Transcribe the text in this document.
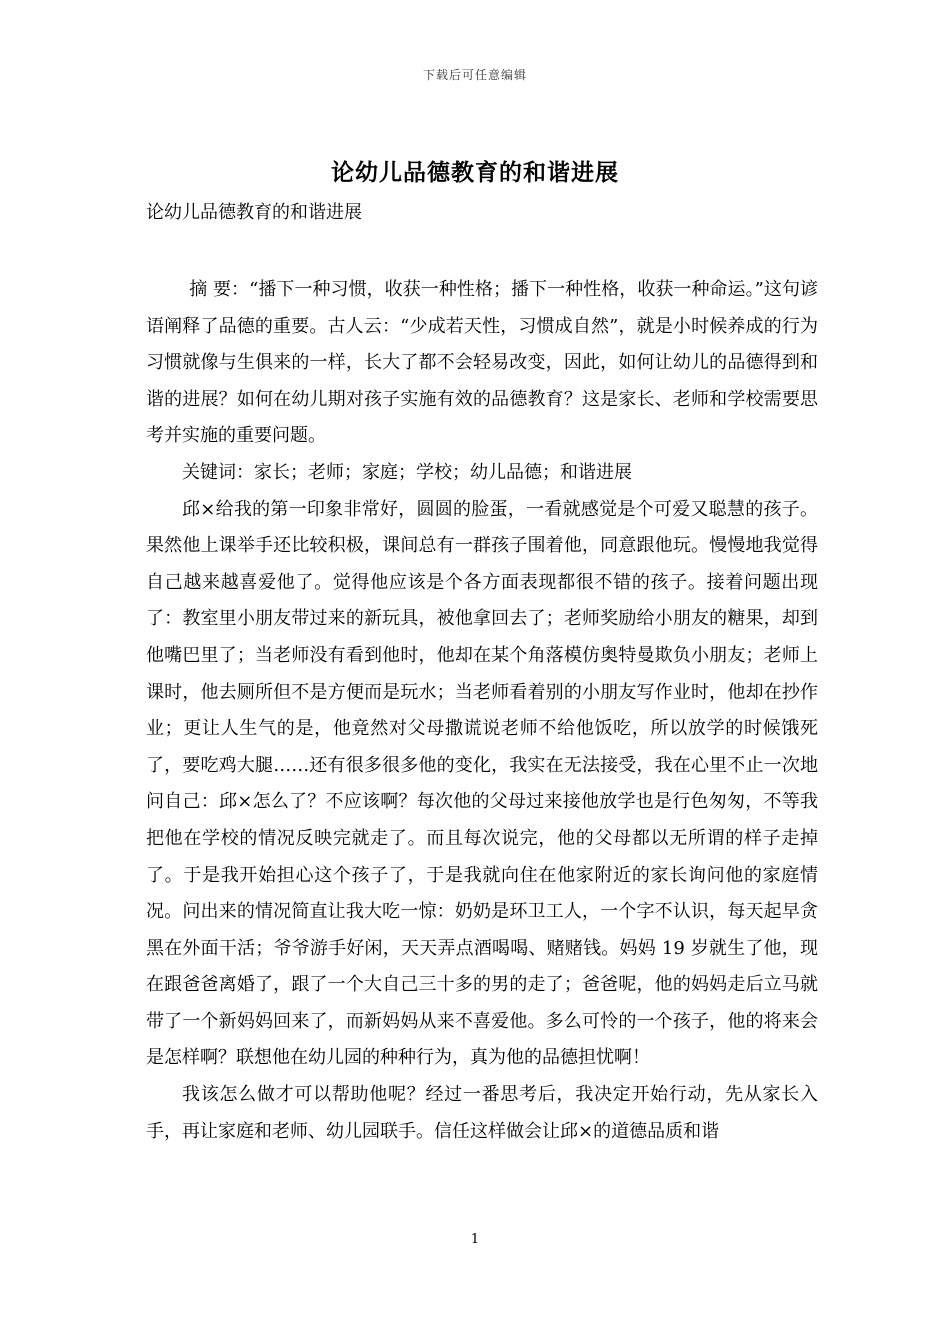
下载后可任意编辑
论幼儿品德教育的和谐进展
论幼儿品德教育的和谐进展

摘 要：“播下一种习惯，收获一种性格；播下一种性格，收获一种命运。”这句谚语阐释了品德的重要。古人云：“少成若天性，习惯成自然”，就是小时候养成的行为习惯就像与生俱来的一样，长大了都不会轻易改变，因此，如何让幼儿的品德得到和谐的进展？如何在幼儿期对孩子实施有效的品德教育？这是家长、老师和学校需要思考并实施的重要问题。

关键词：家长；老师；家庭；学校；幼儿品德；和谐进展

邱×给我的第一印象非常好，圆圆的脸蛋，一看就感觉是个可爱又聪慧的孩子。果然他上课举手还比较积极，课间总有一群孩子围着他，同意跟他玩。慢慢地我觉得自己越来越喜爱他了。觉得他应该是个各方面表现都很不错的孩子。接着问题出现了：教室里小朋友带过来的新玩具，被他拿回去了；老师奖励给小朋友的糖果，却到他嘴巴里了；当老师没有看到他时，他却在某个角落模仿奥特曼欺负小朋友；老师上课时，他去厕所但不是方便而是玩水；当老师看着别的小朋友写作业时，他却在抄作业；更让人生气的是，他竟然对父母撒谎说老师不给他饭吃，所以放学的时候饿死了，要吃鸡大腿……还有很多很多他的变化，我实在无法接受，我在心里不止一次地问自己：邱×怎么了？不应该啊？每次他的父母过来接他放学也是行色匆匆，不等我把他在学校的情况反映完就走了。而且每次说完，他的父母都以无所谓的样子走掉了。于是我开始担心这个孩子了，于是我就向住在他家附近的家长询问他的家庭情况。问出来的情况简直让我大吃一惊：奶奶是环卫工人，一个字不认识，每天起早贪黑在外面干活；爷爷游手好闲，天天弄点酒喝喝、赌赌钱。妈妈 19 岁就生了他，现在跟爸爸离婚了，跟了一个大自己三十多的男的走了；爸爸呢，他的妈妈走后立马就带了一个新妈妈回来了，而新妈妈从来不喜爱他。多么可怜的一个孩子，他的将来会是怎样啊？联想他在幼儿园的种种行为，真为他的品德担忧啊！

我该怎么做才可以帮助他呢？经过一番思考后，我决定开始行动，先从家长入手，再让家庭和老师、幼儿园联手。信任这样做会让邱×的道德品质和谐

1
